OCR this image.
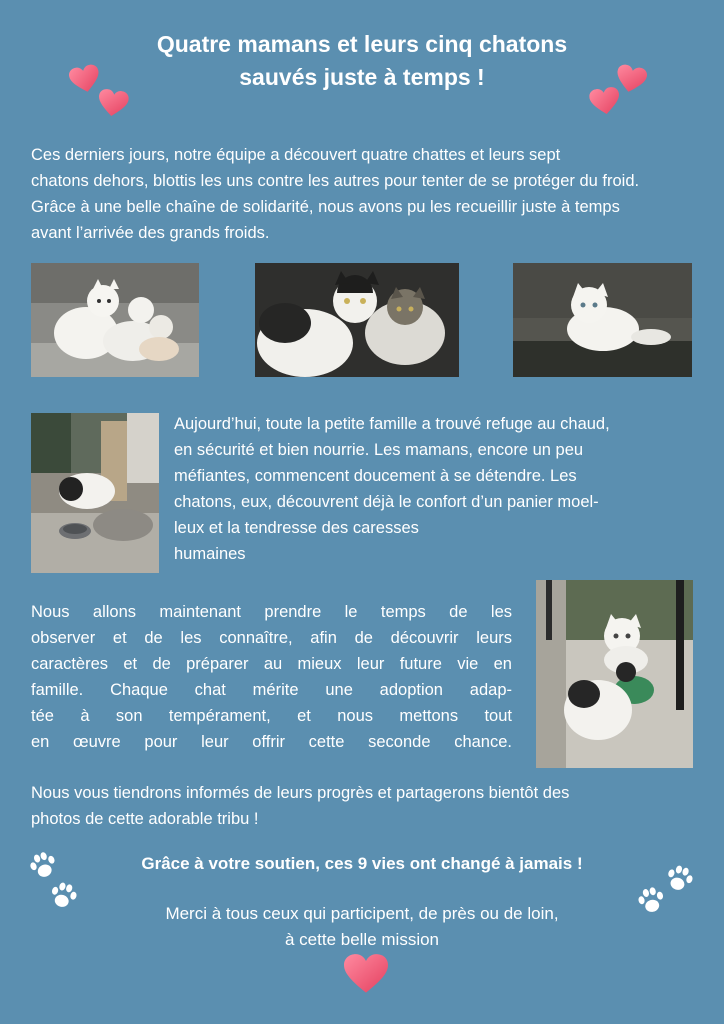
Quatre mamans et leurs cinq chatons
sauvés juste à temps !
Ces derniers jours, notre équipe a découvert quatre chattes et leurs sept
chatons dehors, blottis les uns contre les autres pour tenter de se protéger du froid.
Grâce à une belle chaîne de solidarité, nous avons pu les recueillir juste à temps
avant l’arrivée des grands froids.
Aujourd’hui, toute la petite famille a trouvé refuge au chaud,
en sécurité et bien nourrie. Les mamans, encore un peu
méfiantes, commencent doucement à se détendre. Les
chatons, eux, découvrent déjà le confort d’un panier moel-
leux et la tendresse des caresses
humaines
Nous allons maintenant prendre le temps de les
observer et de les connaître, afin de découvrir leurs
caractères et de préparer au mieux leur future vie en
famille. Chaque chat mérite une adoption adap-
tée à son tempérament, et nous mettons tout
en œuvre pour leur offrir cette seconde chance.
Nous vous tiendrons informés de leurs progrès et partagerons bientôt des
photos de cette adorable tribu !
Grâce à votre soutien, ces 9 vies ont changé à jamais !
Merci à tous ceux qui participent, de près ou de loin,
à cette belle mission
